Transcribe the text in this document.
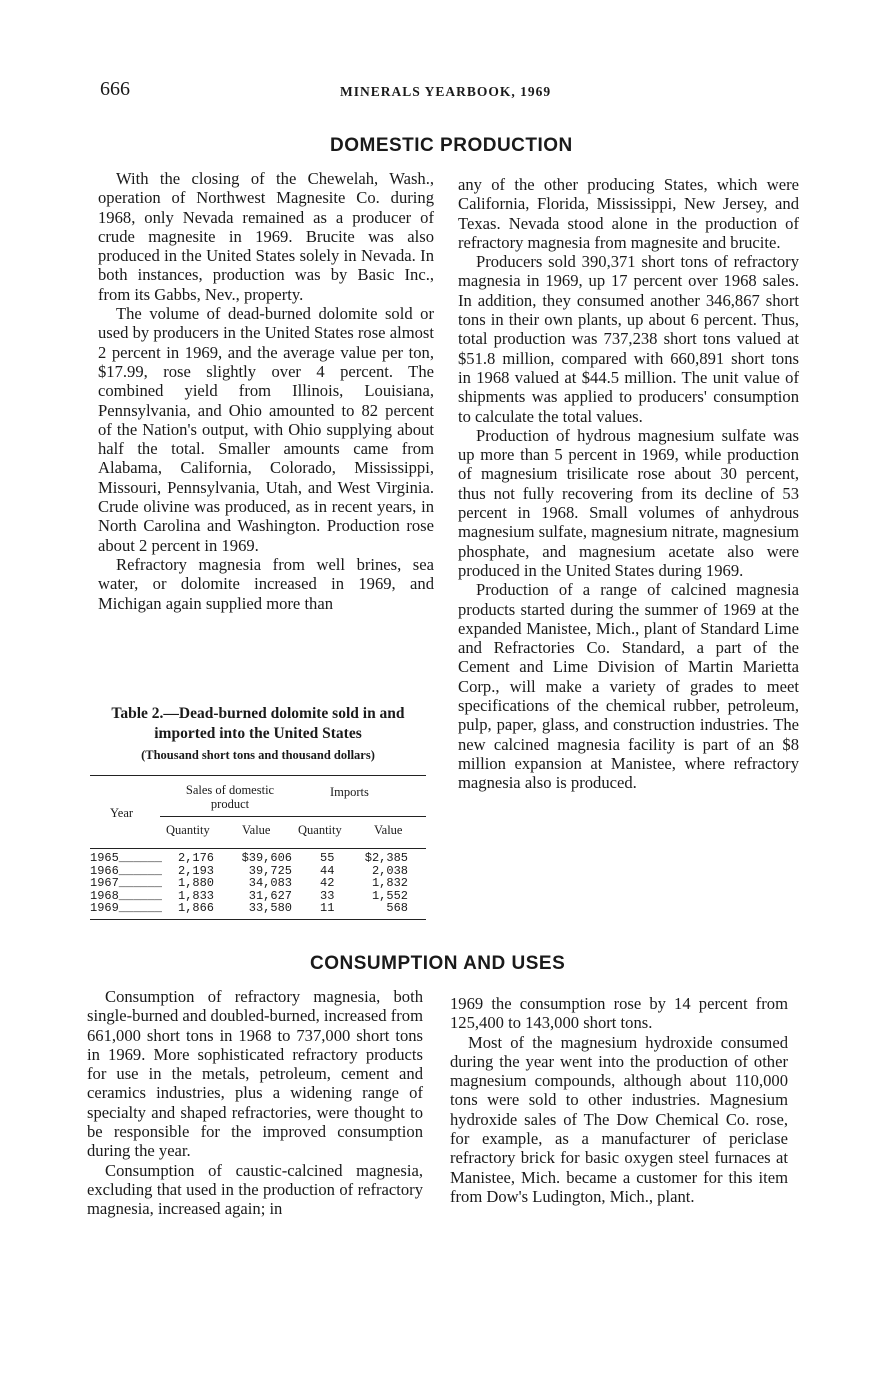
666	MINERALS YEARBOOK, 1969
DOMESTIC PRODUCTION

With the closing of the Chewelah, Wash., operation of Northwest Magnesite Co. during 1968, only Nevada remained as a producer of crude magnesite in 1969. Brucite was also produced in the United States solely in Nevada. In both instances, production was by Basic Inc., from its Gabbs, Nev., property.

The volume of dead-burned dolomite sold or used by producers in the United States rose almost 2 percent in 1969, and the average value per ton, $17.99, rose slightly over 4 percent. The combined yield from Illinois, Louisiana, Pennsylvania, and Ohio amounted to 82 percent of the Nation's output, with Ohio supplying about half the total. Smaller amounts came from Alabama, California, Colorado, Mississippi, Missouri, Pennsylvania, Utah, and West Virginia. Crude olivine was produced, as in recent years, in North Carolina and Washington. Production rose about 2 percent in 1969.

Refractory magnesia from well brines, sea water, or dolomite increased in 1969, and Michigan again supplied more than

any of the other producing States, which were California, Florida, Mississippi, New Jersey, and Texas. Nevada stood alone in the production of refractory magnesia from magnesite and brucite.

Producers sold 390,371 short tons of refractory magnesia in 1969, up 17 percent over 1968 sales. In addition, they consumed another 346,867 short tons in their own plants, up about 6 percent. Thus, total production was 737,238 short tons valued at $51.8 million, compared with 660,891 short tons in 1968 valued at $44.5 million. The unit value of shipments was applied to producers' consumption to calculate the total values.

Production of hydrous magnesium sulfate was up more than 5 percent in 1969, while production of magnesium trisilicate rose about 30 percent, thus not fully recovering from its decline of 53 percent in 1968. Small volumes of anhydrous magnesium sulfate, magnesium nitrate, magnesium phosphate, and magnesium acetate also were produced in the United States during 1969.

Production of a range of calcined magnesia products started during the summer of 1969 at the expanded Manistee, Mich., plant of Standard Lime and Refractories Co. Standard, a part of the Cement and Lime Division of Martin Marietta Corp., will make a variety of grades to meet specifications of the chemical rubber, petroleum, pulp, paper, glass, and construction industries. The new calcined magnesia facility is part of an $8 million expansion at Manistee, where refractory magnesia also is produced.

Table 2.—Dead-burned dolomite sold in and imported into the United States
(Thousand short tons and thousand dollars)
Year
Sales of domestic product
Imports
Quantity	Value Quantity	Value
1965______ 2,176	$39,606 55	$2,385
1966______ 2,193	39,725 44	2,038
1967______ 1,880	34,083 42	1,832
1968______ 1,833	31,627 33	1,552
1969______ 1,866	33,580 11	568
CONSUMPTION AND USES

Consumption of refractory magnesia, both single-burned and doubled-burned, increased from 661,000 short tons in 1968 to 737,000 short tons in 1969. More sophisticated refractory products for use in the metals, petroleum, cement and ceramics industries, plus a widening range of specialty and shaped refractories, were thought to be responsible for the improved consumption during the year.

Consumption of caustic-calcined magnesia, excluding that used in the production of refractory magnesia, increased again; in

1969 the consumption rose by 14 percent from 125,400 to 143,000 short tons.

Most of the magnesium hydroxide consumed during the year went into the production of other magnesium compounds, although about 110,000 tons were sold to other industries. Magnesium hydroxide sales of The Dow Chemical Co. rose, for example, as a manufacturer of periclase refractory brick for basic oxygen steel furnaces at Manistee, Mich. became a customer for this item from Dow's Ludington, Mich., plant.
